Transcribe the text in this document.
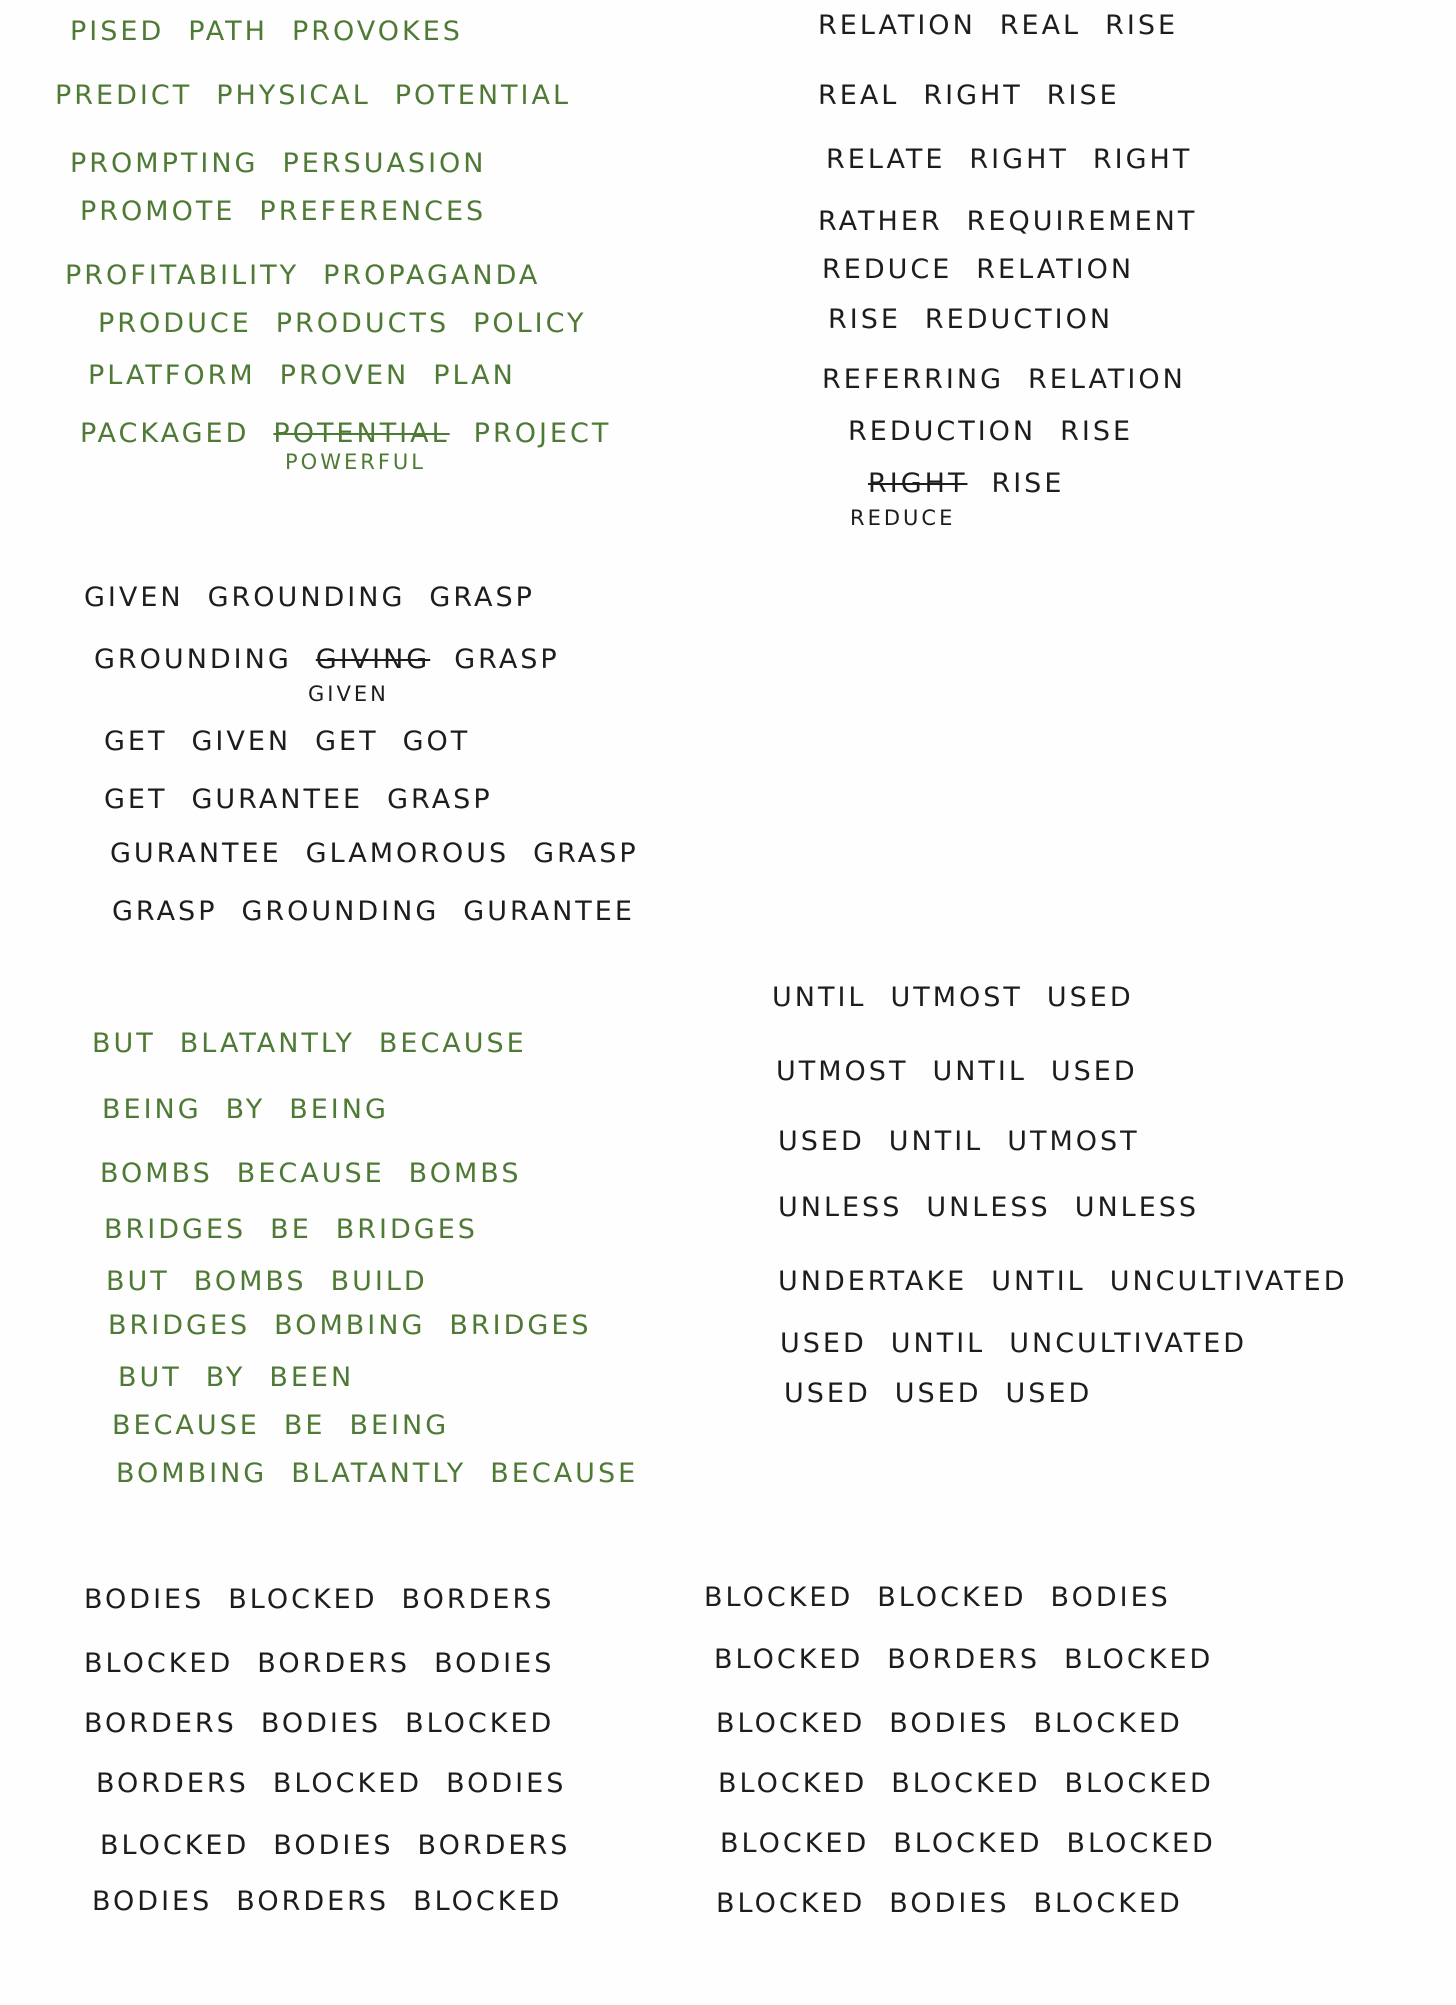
PISED PATH PROVOKES
PREDICT PHYSICAL POTENTIAL
PROMPTING PERSUASION
PROMOTE PREFERENCES
PROFITABILITY PROPAGANDA
PRODUCE PRODUCTS POLICY
PLATFORM PROVEN PLAN
PACKAGED POTENTIAL PROJECT
POWERFUL
RELATION REAL RISE
REAL RIGHT RISE
RELATE RIGHT RIGHT
RATHER REQUIREMENT
REDUCE RELATION
RISE REDUCTION
REFERRING RELATION
REDUCTION RISE
RIGHT RISE
REDUCE
GIVEN GROUNDING GRASP
GROUNDING GIVING GRASP
GIVEN
GET GIVEN GET GOT
GET GURANTEE GRASP
GURANTEE GLAMOROUS GRASP
GRASP GROUNDING GURANTEЕ
UNTIL UTMOST USED
UTMOST UNTIL USED
USED UNTIL UTMOST
UNLESS UNLESS UNLESS
UNDERTAKE UNTIL UNCULTIVATED
USED UNTIL UNCULTIVATED
USED USED USED
BUT BLATANTLY BECAUSE
BEING BY BEING
BOMBS BECAUSE BOMBS
BRIDGES BE BRIDGES
BUT BOMBS BUILD
BRIDGES BOMBING BRIDGES
BUT BY BEEN
BECAUSE BE BEING
BOMBING BLATANTLY BECAUSE
BODIES BLOCKED BORDERS
BLOCKED BORDERS BODIES
BORDERS BODIES BLOCKED
BORDERS BLOCKED BODIES
BLOCKED BODIES BORDERS
BODIES BORDERS BLOCKED
BLOCKED BLOCKED BODIES
BLOCKED BORDERS BLOCKED
BLOCKED BODIES BLOCKED
BLOCKED BLOCKED BLOCKED
BLOCKED BLOCKED BLOCKED
BLOCKED BODIES BLOCKED
